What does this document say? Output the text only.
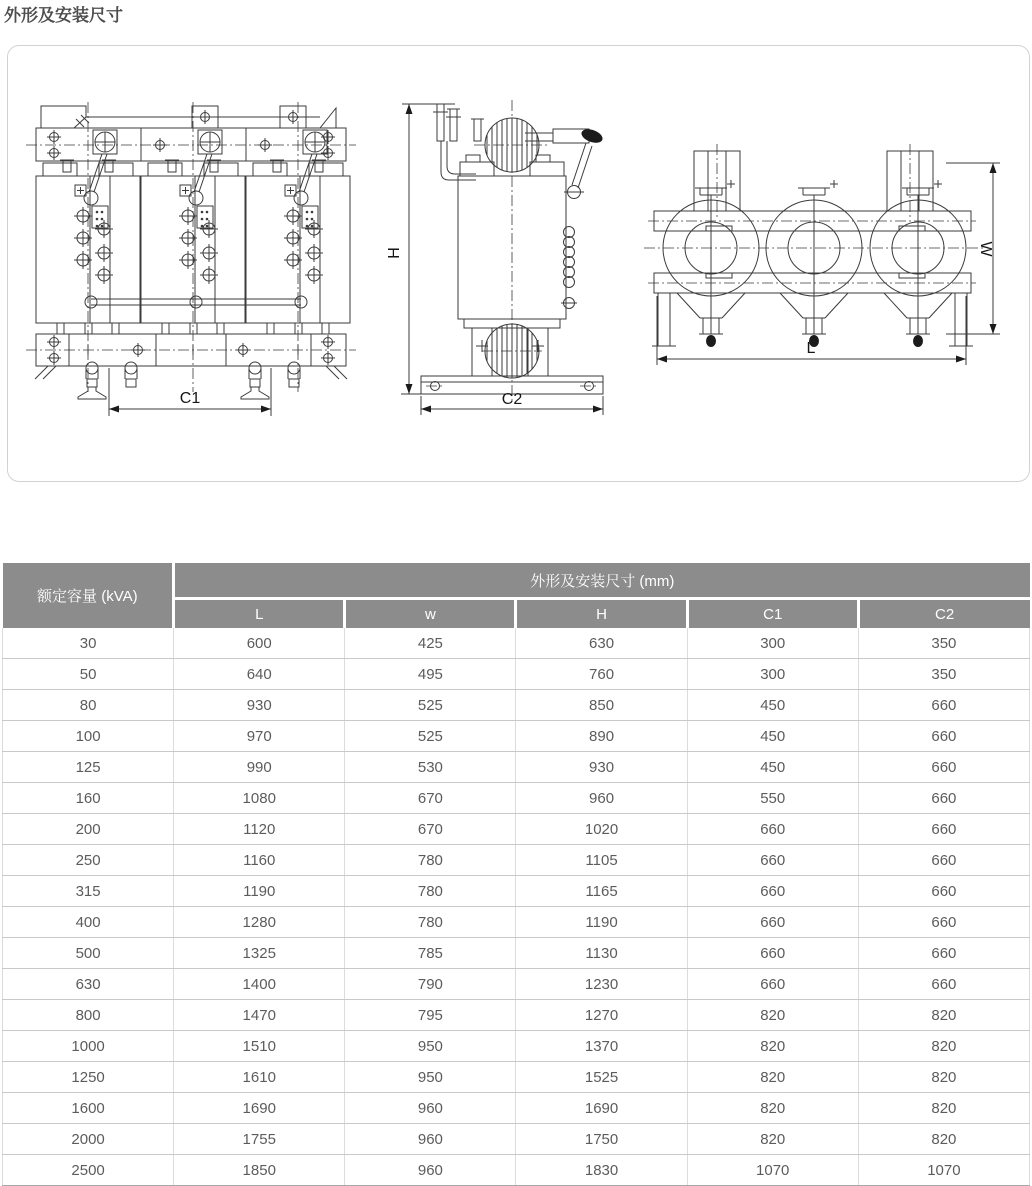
外形及安装尺寸
C1
H
C2
W
L
额定容量 (kVA)	外形及安装尺寸 (mm)				
	L	w	H	C1	C2
30	600	425	630	300	350
50	640	495	760	300	350
80	930	525	850	450	660
100	970	525	890	450	660
125	990	530	930	450	660
160	1080	670	960	550	660
200	1120	670	1020	660	660
250	1160	780	1105	660	660
315	1190	780	1165	660	660
400	1280	780	1190	660	660
500	1325	785	1130	660	660
630	1400	790	1230	660	660
800	1470	795	1270	820	820
1000	1510	950	1370	820	820
1250	1610	950	1525	820	820
1600	1690	960	1690	820	820
2000	1755	960	1750	820	820
2500	1850	960	1830	1070	1070
